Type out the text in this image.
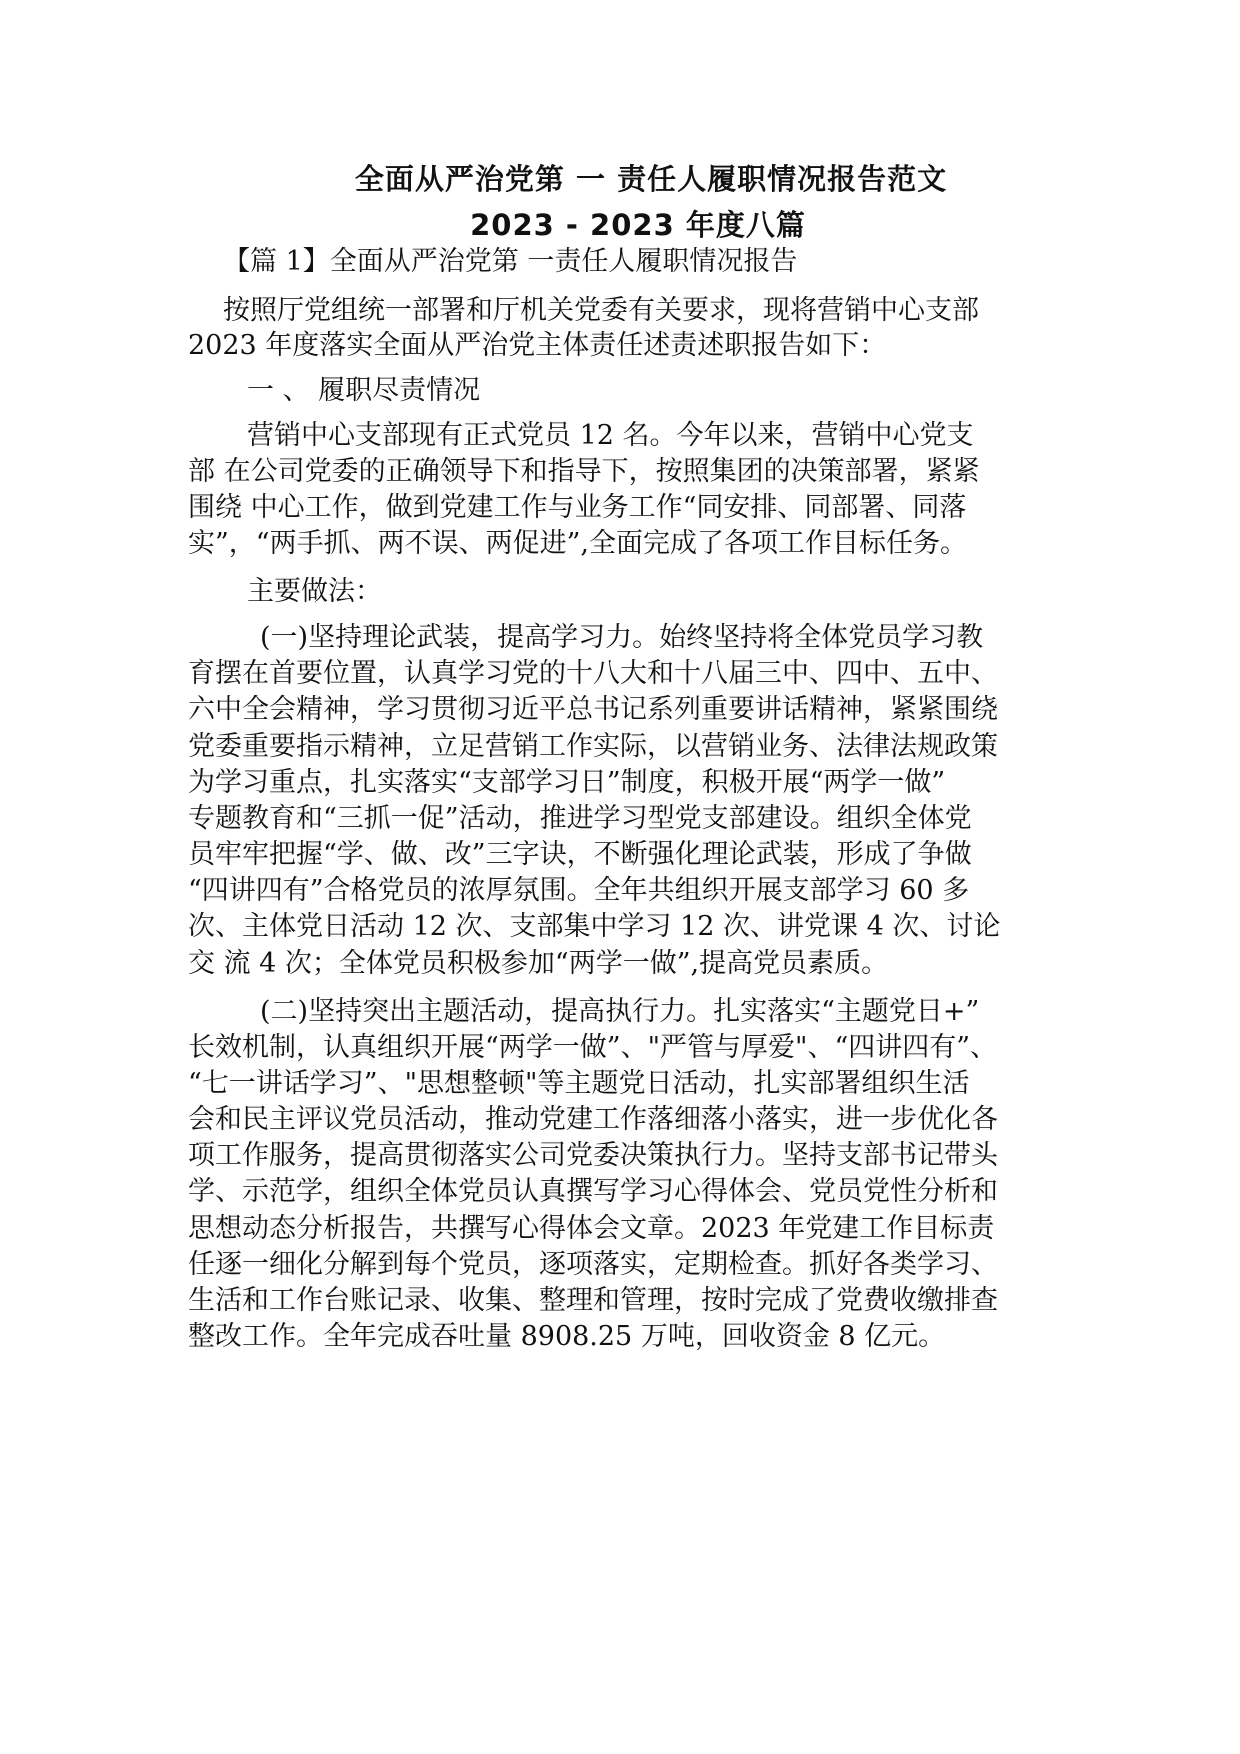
全面从严治党第 一 责任人履职情况报告范文
2023 - 2023 年度八篇
【篇 1】全面从严治党第 一责任人履职情况报告
按照厅党组统一部署和厅机关党委有关要求，现将营销中心支部
2023 年度落实全面从严治党主体责任述责述职报告如下：
一 、 履职尽责情况
营销中心支部现有正式党员 12 名。今年以来，营销中心党支
部 在公司党委的正确领导下和指导下，按照集团的决策部署，紧紧
围绕 中心工作，做到党建工作与业务工作“同安排、同部署、同落
实”，“两手抓、两不误、两促进”,全面完成了各项工作目标任务。
主要做法：
(一)坚持理论武装，提高学习力。始终坚持将全体党员学习教
育摆在首要位置，认真学习党的十八大和十八届三中、四中、五中、
六中全会精神，学习贯彻习近平总书记系列重要讲话精神，紧紧围绕
党委重要指示精神，立足营销工作实际，以营销业务、法律法规政策
为学习重点，扎实落实“支部学习日”制度，积极开展“两学一做”
专题教育和“三抓一促”活动，推进学习型党支部建设。组织全体党
员牢牢把握“学、做、改”三字诀，不断强化理论武装，形成了争做
“四讲四有”合格党员的浓厚氛围。全年共组织开展支部学习 60 多
次、主体党日活动 12 次、支部集中学习 12 次、讲党课 4 次、讨论
交 流 4 次；全体党员积极参加“两学一做”,提高党员素质。
(二)坚持突出主题活动，提高执行力。扎实落实“主题党日+”
长效机制，认真组织开展“两学一做”、"严管与厚爱"、“四讲四有”、
“七一讲话学习”、"思想整顿"等主题党日活动，扎实部署组织生活
会和民主评议党员活动，推动党建工作落细落小落实，进一步优化各
项工作服务，提高贯彻落实公司党委决策执行力。坚持支部书记带头
学、示范学，组织全体党员认真撰写学习心得体会、党员党性分析和
思想动态分析报告，共撰写心得体会文章。2023 年党建工作目标责
任逐一细化分解到每个党员，逐项落实，定期检查。抓好各类学习、
生活和工作台账记录、收集、整理和管理，按时完成了党费收缴排查
整改工作。全年完成吞吐量 8908.25 万吨，回收资金 8 亿元。
